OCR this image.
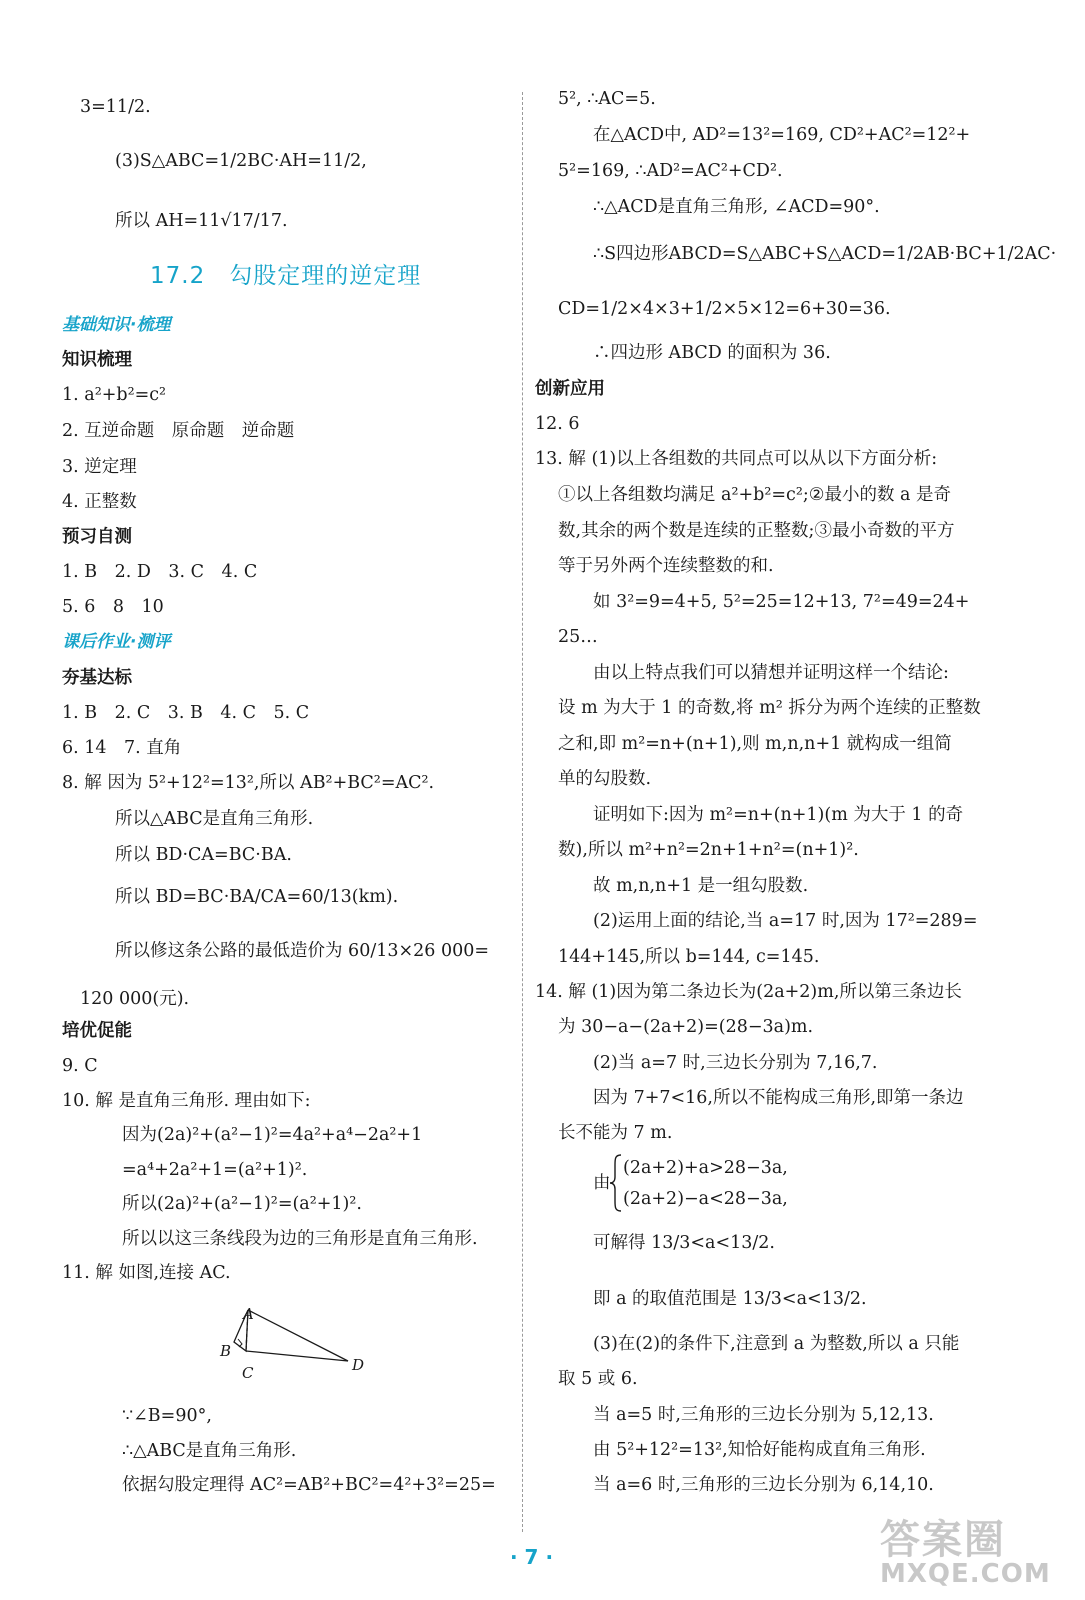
3=11/2.
(3)S△ABC=1/2BC·AH=11/2,
所以 AH=11√17/17.
17.2　勾股定理的逆定理
基础知识·梳理
知识梳理
1. a²+b²=c²
2. 互逆命题　原命题　逆命题
3. 逆定理
4. 正整数
预习自测
1. B　2. D　3. C　4. C
5. 6　8　10
课后作业·测评
夯基达标
1. B　2. C　3. B　4. C　5. C
6. 14　7. 直角
8. 解 因为 5²+12²=13²,所以 AB²+BC²=AC².
所以△ABC是直角三角形.
所以 BD·CA=BC·BA.
所以 BD=BC·BA/CA=60/13(km).
所以修这条公路的最低造价为 60/13×26 000=
120 000(元).
培优促能
9. C
10. 解 是直角三角形. 理由如下:
因为(2a)²+(a²−1)²=4a²+a⁴−2a²+1
=a⁴+2a²+1=(a²+1)².
所以(2a)²+(a²−1)²=(a²+1)².
所以以这三条线段为边的三角形是直角三角形.
11. 解 如图,连接 AC.
A
B
C	D
∵∠B=90°,
∴△ABC是直角三角形.
依据勾股定理得 AC²=AB²+BC²=4²+3²=25=
5², ∴AC=5.
在△ACD中, AD²=13²=169, CD²+AC²=12²+
5²=169, ∴AD²=AC²+CD².
∴△ACD是直角三角形, ∠ACD=90°.
∴S四边形ABCD=S△ABC+S△ACD=1/2AB·BC+1/2AC·
CD=1/2×4×3+1/2×5×12=6+30=36.
∴四边形 ABCD 的面积为 36.
创新应用
12. 6
13. 解 (1)以上各组数的共同点可以从以下方面分析:
①以上各组数均满足 a²+b²=c²;②最小的数 a 是奇
数,其余的两个数是连续的正整数;③最小奇数的平方
等于另外两个连续整数的和.
如 3²=9=4+5, 5²=25=12+13, 7²=49=24+
25…
由以上特点我们可以猜想并证明这样一个结论:
设 m 为大于 1 的奇数,将 m² 拆分为两个连续的正整数
之和,即 m²=n+(n+1),则 m,n,n+1 就构成一组简
单的勾股数.
证明如下:因为 m²=n+(n+1)(m 为大于 1 的奇
数),所以 m²+n²=2n+1+n²=(n+1)².
故 m,n,n+1 是一组勾股数.
(2)运用上面的结论,当 a=17 时,因为 17²=289=
144+145,所以 b=144, c=145.
14. 解 (1)因为第二条边长为(2a+2)m,所以第三条边长
为 30−a−(2a+2)=(28−3a)m.
(2)当 a=7 时,三边长分别为 7,16,7.
因为 7+7<16,所以不能构成三角形,即第一条边
长不能为 7 m.
由
(2a+2)+a>28−3a,
(2a+2)−a<28−3a,
可解得 13/3<a<13/2.
即 a 的取值范围是 13/3<a<13/2.
(3)在(2)的条件下,注意到 a 为整数,所以 a 只能
取 5 或 6.
当 a=5 时,三角形的三边长分别为 5,12,13.
由 5²+12²=13²,知恰好能构成直角三角形.
当 a=6 时,三角形的三边长分别为 6,14,10.
· 7 ·	答案圈
MXQE.COM
